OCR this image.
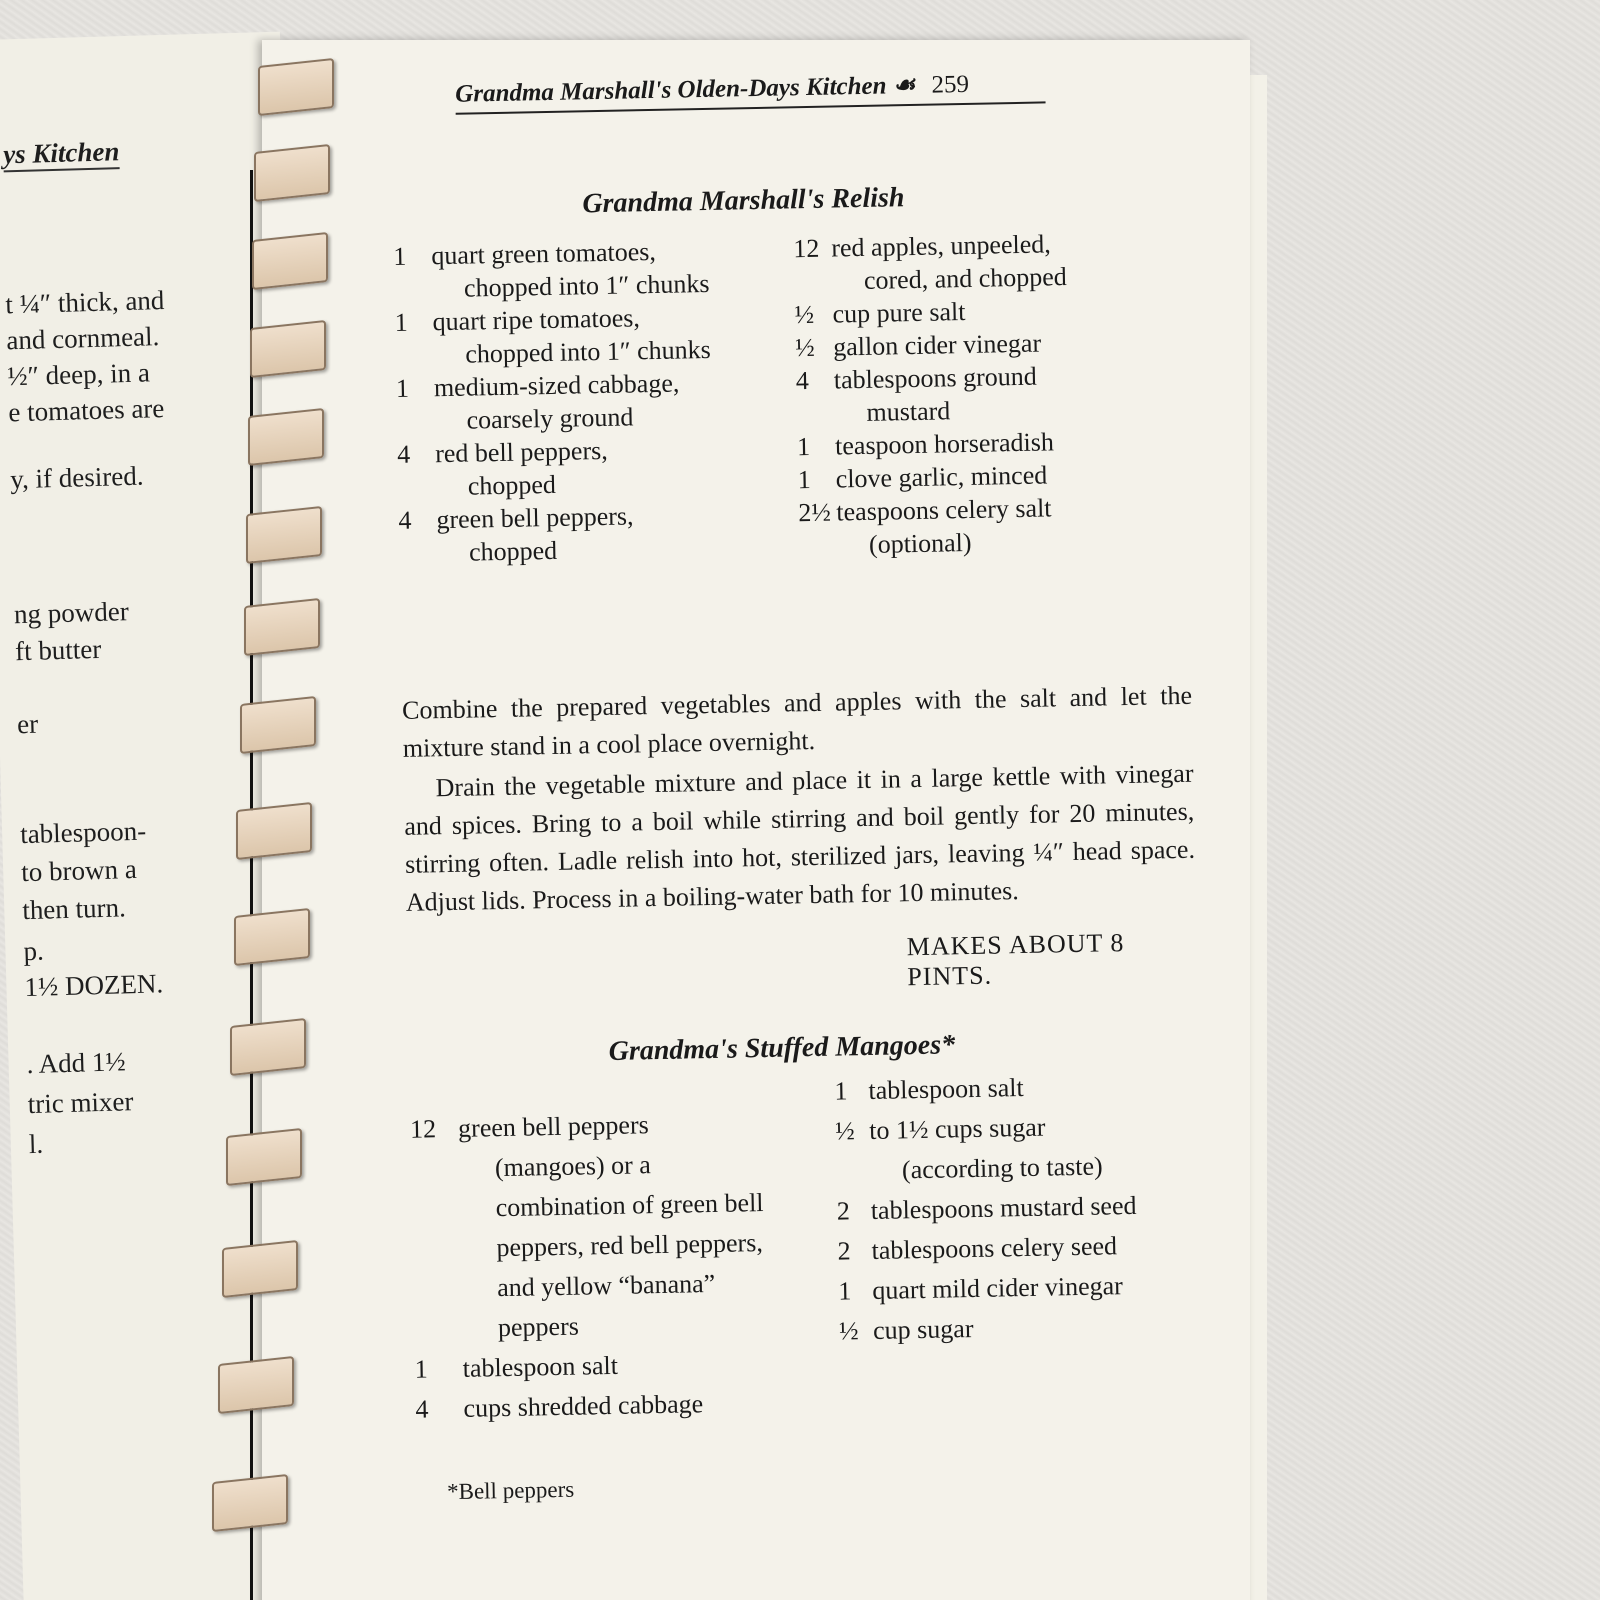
ys Kitchen
t ¼″ thick, and
and cornmeal.
½″ deep, in a
e tomatoes are
y, if desired.
ng powder
ft butter
er
tablespoon-
to brown a
then turn.
p.
1½ DOZEN.
. Add 1½
tric mixer
l.
Grandma Marshall's Olden-Days Kitchen ☙ 259
Grandma Marshall's Relish
1 quart green tomatoes,
chopped into 1″ chunks
1 quart ripe tomatoes,
chopped into 1″ chunks
1 medium-sized cabbage,
coarsely ground
4 red bell peppers,
chopped
4 green bell peppers,
chopped
12 red apples, unpeeled,
cored, and chopped
½ cup pure salt
½ gallon cider vinegar
4 tablespoons ground
mustard
1 teaspoon horseradish
1 clove garlic, minced
2½ teaspoons celery salt
(optional)
Combine the prepared vegetables and apples with the salt and let the mixture stand in a cool place overnight.
Drain the vegetable mixture and place it in a large kettle with vinegar and spices. Bring to a boil while stirring and boil gently for 20 minutes, stirring often. Ladle relish into hot, sterilized jars, leaving ¼″ head space. Adjust lids. Process in a boiling-water bath for 10 minutes.
MAKES ABOUT 8 PINTS.
Grandma's Stuffed Mangoes*
12 green bell peppers

(mangoes) or a combination of green bell peppers, red bell peppers, and yellow “banana” peppers
1	tablespoon salt
4	cups shredded cabbage
1 tablespoon salt
½ to 1½ cups sugar
(according to taste)
2 tablespoons mustard seed
2 tablespoons celery seed
1 quart mild cider vinegar
½ cup sugar
*Bell peppers
